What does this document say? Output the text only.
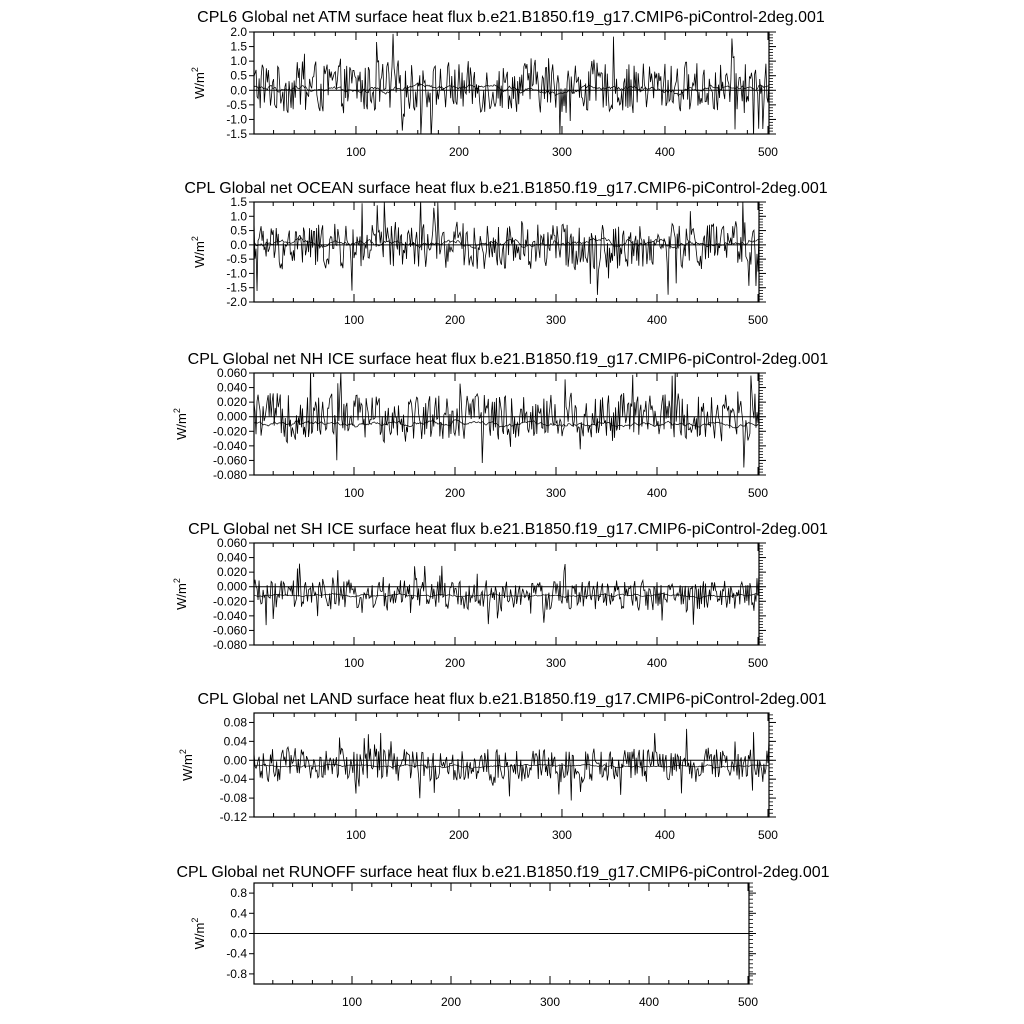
CPL6 Global net ATM surface heat flux b.e21.B1850.f19_g17.CMIP6-piControl-2deg.001
100	200	300	400	500
-1.5
-1.0
-0.5
0.0
0.5
1.0
1.5
2.0
$W/m^2$
CPL Global net OCEAN surface heat flux b.e21.B1850.f19_g17.CMIP6-piControl-2deg.001
100	200	300	400	500
-2.0
-1.5
-1.0
-0.5
0.0
0.5
1.0
1.5
$W/m^2$
CPL Global net NH ICE surface heat flux b.e21.B1850.f19_g17.CMIP6-piControl-2deg.001
100	200	300	400	500
-0.080
-0.060
-0.040
-0.020
0.000
0.020
0.040
0.060
$W/m^2$
CPL Global net SH ICE surface heat flux b.e21.B1850.f19_g17.CMIP6-piControl-2deg.001
100	200	300	400	500
-0.080
-0.060
-0.040
-0.020
0.000
0.020
0.040
0.060
$W/m^2$
CPL Global net LAND surface heat flux b.e21.B1850.f19_g17.CMIP6-piControl-2deg.001
100	200	300	400	500
-0.12
-0.08
-0.04
0.00
0.04
0.08
$W/m^2$
CPL Global net RUNOFF surface heat flux b.e21.B1850.f19_g17.CMIP6-piControl-2deg.001
100	200	300	400	500
-0.8
-0.4
0.0
0.4
0.8
$W/m^2$
